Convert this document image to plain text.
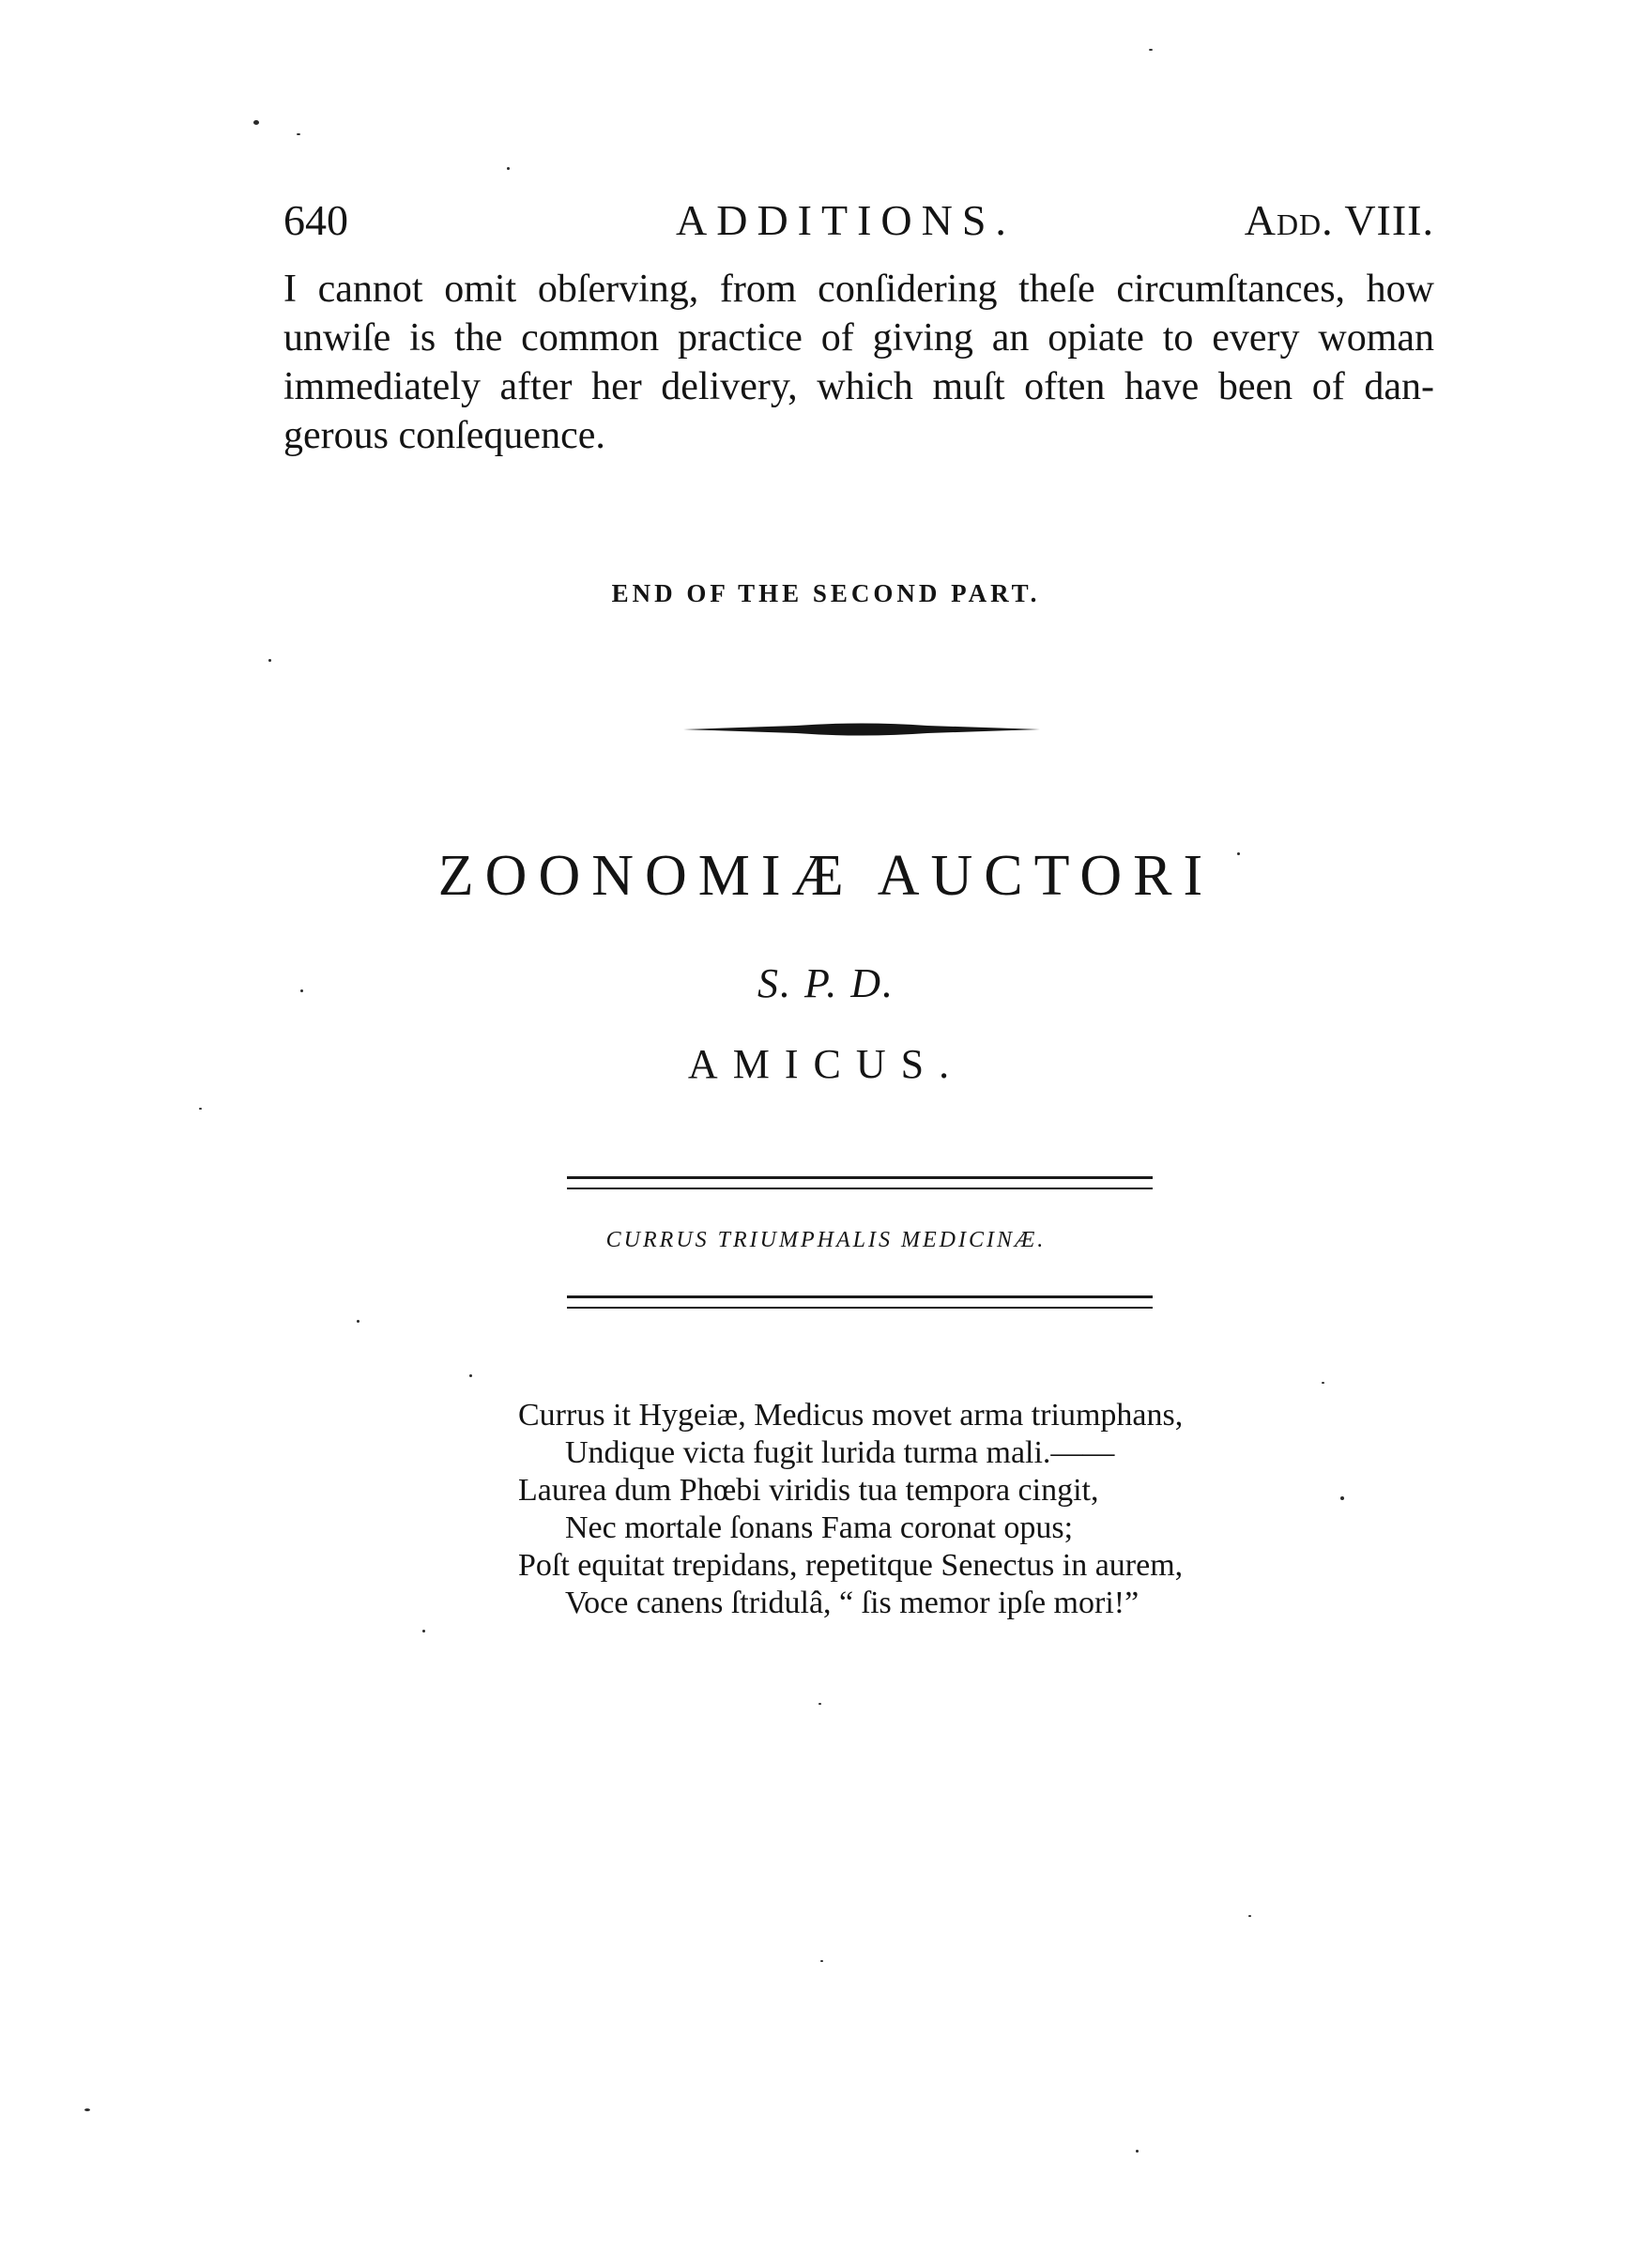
640	ADDITIONS.	Add. VIII.
I cannot omit obſerving, from conſidering theſe circumſtances, how
unwiſe is the common practice of giving an opiate to every woman
immediately after her delivery, which muſt often have been of dan-
gerous conſequence.
END OF THE SECOND PART.
ZOONOMIÆ AUCTORI
S. P. D.
AMICUS.
CURRUS TRIUMPHALIS MEDICINÆ.
Currus it Hygeiæ, Medicus movet arma triumphans,
Undique victa fugit lurida turma mali.——
Laurea dum Phœbi viridis tua tempora cingit,
Nec mortale ſonans Fama coronat opus;
Poſt equitat trepidans, repetitque Senectus in aurem,
Voce canens ſtridulâ, “ ſis memor ipſe mori!”
